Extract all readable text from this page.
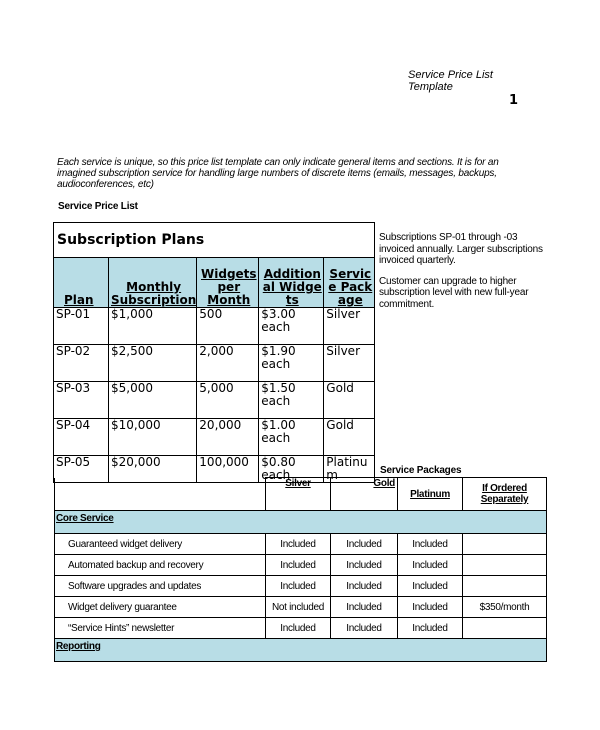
Service Price List Template
1
Each service is unique, so this price list template can only indicate general items and sections. It is for an imagined subscription service for handling large numbers of discrete items (emails, messages, backups, audioconferences, etc)
Service Price List
Subscription Plans				
Plan	Monthly Subscription	Widgets per Month	Additional Widgets	Service Package
SP-01	$1,000	500	$3.00 each	Silver
SP-02	$2,500	2,000	$1.90 each	Silver
SP-03	$5,000	5,000	$1.50 each	Gold
SP-04	$10,000	20,000	$1.00 each	Gold
SP-05	$20,000	100,000	$0.80 each	Platinum

Subscriptions SP-01 through -03 invoiced annually. Larger subscriptions invoiced quarterly.

Customer can upgrade to higher subscription level with new full-year commitment.

Service Packages
	Silver	Gold	Platinum	If Ordered Separately
Core Service				
Guaranteed widget delivery	Included	Included	Included	
Automated backup and recovery	Included	Included	Included	
Software upgrades and updates	Included	Included	Included	
Widget delivery guarantee	Not included	Included	Included	$350/month
“Service Hints” newsletter	Included	Included	Included	
Reporting				
